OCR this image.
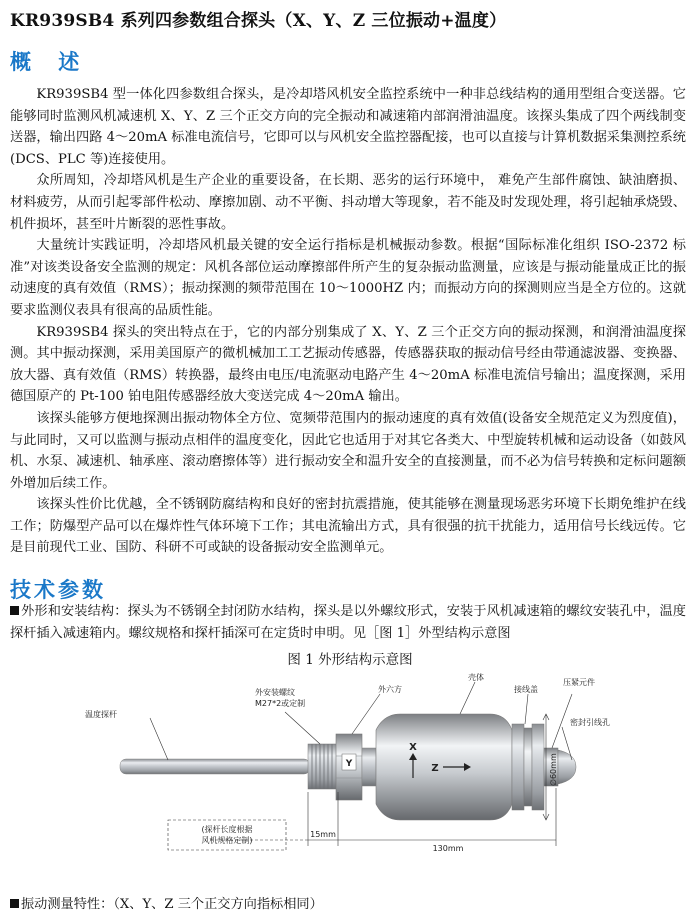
KR939SB4 系列四参数组合探头（X、Y、Z 三位振动+温度）
概 述

KR939SB4 型一体化四参数组合探头，是冷却塔风机安全监控系统中一种非总线结构的通用型组合变送器。它能够同时监测风机减速机 X、Y、Z 三个正交方向的完全振动和减速箱内部润滑油温度。该探头集成了四个两线制变送器，输出四路 4～20mA 标准电流信号，它即可以与风机安全监控器配接，也可以直接与计算机数据采集测控系统(DCS、PLC 等)连接使用。

众所周知，冷却塔风机是生产企业的重要设备，在长期、恶劣的运行环境中， 难免产生部件腐蚀、缺油磨损、材料疲劳，从而引起零部件松动、摩擦加剧、动不平衡、抖动增大等现象，若不能及时发现处理，将引起轴承烧毁、机件损坏，甚至叶片断裂的恶性事故。

大量统计实践证明，冷却塔风机最关键的安全运行指标是机械振动参数。根据“国际标准化组织 ISO-2372 标准”对该类设备安全监测的规定：风机各部位运动摩擦部件所产生的复杂振动监测量，应该是与振动能量成正比的振动速度的真有效值（RMS）；振动探测的频带范围在 10～1000HZ 内；而振动方向的探测则应当是全方位的。这就要求监测仪表具有很高的品质性能。

KR939SB4 探头的突出特点在于，它的内部分别集成了 X、Y、Z 三个正交方向的振动探测，和润滑油温度探测。其中振动探测，采用美国原产的微机械加工工艺振动传感器，传感器获取的振动信号经由带通滤波器、变换器、放大器、真有效值（RMS）转换器，最终由电压/电流驱动电路产生 4～20mA 标准电流信号输出；温度探测，采用德国原产的 Pt-100 铂电阻传感器经放大变送完成 4～20mA 输出。

该探头能够方便地探测出振动物体全方位、宽频带范围内的振动速度的真有效值(设备安全规范定义为烈度值)，与此同时，又可以监测与振动点相伴的温度变化，因此它也适用于对其它各类大、中型旋转机械和运动设备（如鼓风机、水泵、减速机、轴承座、滚动磨擦体等）进行振动安全和温升安全的直接测量，而不必为信号转换和定标问题额外增加后续工作。

该探头性价比优越，全不锈钢防腐结构和良好的密封抗震措施，使其能够在测量现场恶劣环境下长期免维护在线工作；防爆型产品可以在爆炸性气体环境下工作；其电流输出方式，具有很强的抗干扰能力，适用信号长线远传。它是目前现代工业、国防、科研不可或缺的设备振动安全监测单元。

技术参数

外形和安装结构：探头为不锈钢全封闭防水结构，探头是以外螺纹形式，安装于风机减速箱的螺纹安装孔中，温度探杆插入减速箱内。螺纹规格和探杆插深可在定货时申明。见［图 1］外型结构示意图

图 1 外形结构示意图
Y
X
Z
温度探杆
外安装螺纹
M27*2或定制
外六方
壳体
接线盖
压紧元件
密封引线孔
∅60mm
(探杆长度根据
风机规格定制)
15mm
130mm
振动测量特性：（X、Y、Z 三个正交方向指标相同）
